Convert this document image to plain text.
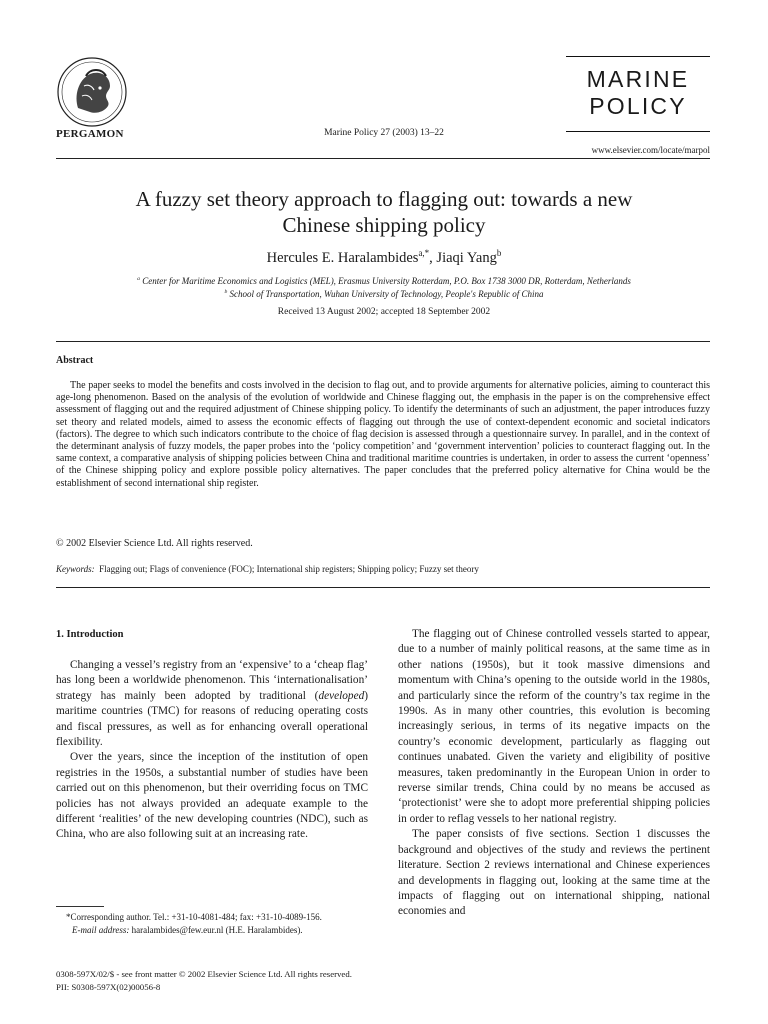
PERGAMON	Marine Policy 27 (2003) 13–22
MARINE
POLICY
www.elsevier.com/locate/marpol
A fuzzy set theory approach to flagging out: towards a new
Chinese shipping policy
Hercules E. Haralambides$^{a,*}$, Jiaqi Yang$^b$
$^a$ Center for Maritime Economics and Logistics (MEL), Erasmus University Rotterdam, P.O. Box 1738 3000 DR, Rotterdam, Netherlands
$^b$ School of Transportation, Wuhan University of Technology, People's Republic of China
Received 13 August 2002; accepted 18 September 2002
Abstract

The paper seeks to model the benefits and costs involved in the decision to flag out, and to provide arguments for alternative policies, aiming to counteract this age-long phenomenon. Based on the analysis of the evolution of worldwide and Chinese flagging out, the emphasis in the paper is on the comprehensive effect assessment of flagging out and the required adjustment of Chinese shipping policy. To identify the determinants of such an adjustment, the paper introduces fuzzy set theory and related models, aimed to assess the economic effects of flagging out through the use of context-dependent economic and societal indicators (factors). The degree to which such indicators contribute to the choice of flag decision is assessed through a questionnaire survey. In parallel, and in the context of the determinant analysis of fuzzy models, the paper probes into the ‘policy competition’ and ‘government intervention’ policies to counteract flagging out. In the same context, a comparative analysis of shipping policies between China and traditional maritime countries is undertaken, in order to assess the current ‘openness’ of the Chinese shipping policy and explore possible policy alternatives. The paper concludes that the preferred policy alternative for China would be the establishment of second international ship register.

© 2002 Elsevier Science Ltd. All rights reserved.
Keywords: Flagging out; Flags of convenience (FOC); International ship registers; Shipping policy; Fuzzy set theory
1. Introduction

Changing a vessel’s registry from an ‘expensive’ to a ‘cheap flag’ has long been a worldwide phenomenon. This ‘internationalisation’ strategy has mainly been adopted by traditional (developed) maritime countries (TMC) for reasons of reducing operating costs and fiscal pressures, as well as for enhancing overall operational flexibility.

Over the years, since the inception of the institution of open registries in the 1950s, a substantial number of studies have been carried out on this phenomenon, but their overriding focus on TMC policies has not always provided an adequate example to the different ‘realities’ of the new developing countries (NDC), such as China, who are also following suit at an increasing rate.

The flagging out of Chinese controlled vessels started to appear, due to a number of mainly political reasons, at the same time as in other nations (1950s), but it took massive dimensions and momentum with China’s opening to the outside world in the 1980s, and particularly since the reform of the country’s tax regime in the 1990s. As in many other countries, this evolution is becoming increasingly serious, in terms of its negative impacts on the country’s economic development, particularly as flagging out continues unabated. Given the variety and eligibility of positive measures, taken predominantly in the European Union in order to reverse similar trends, China could by no means be accused as ‘protectionist’ were she to adopt more preferential shipping policies in order to reflag vessels to her national registry.

The paper consists of five sections. Section 1 discusses the background and objectives of the study and reviews the pertinent literature. Section 2 reviews international and Chinese experiences and developments in flagging out, looking at the same time at the impacts of flagging out on international shipping, national economies and

*Corresponding author. Tel.: +31-10-4081-484; fax: +31-10-4089-156.
E-mail address: haralambides@few.eur.nl (H.E. Haralambides).
0308-597X/02/$ - see front matter © 2002 Elsevier Science Ltd. All rights reserved.
PII: S0308-597X(02)00056-8
